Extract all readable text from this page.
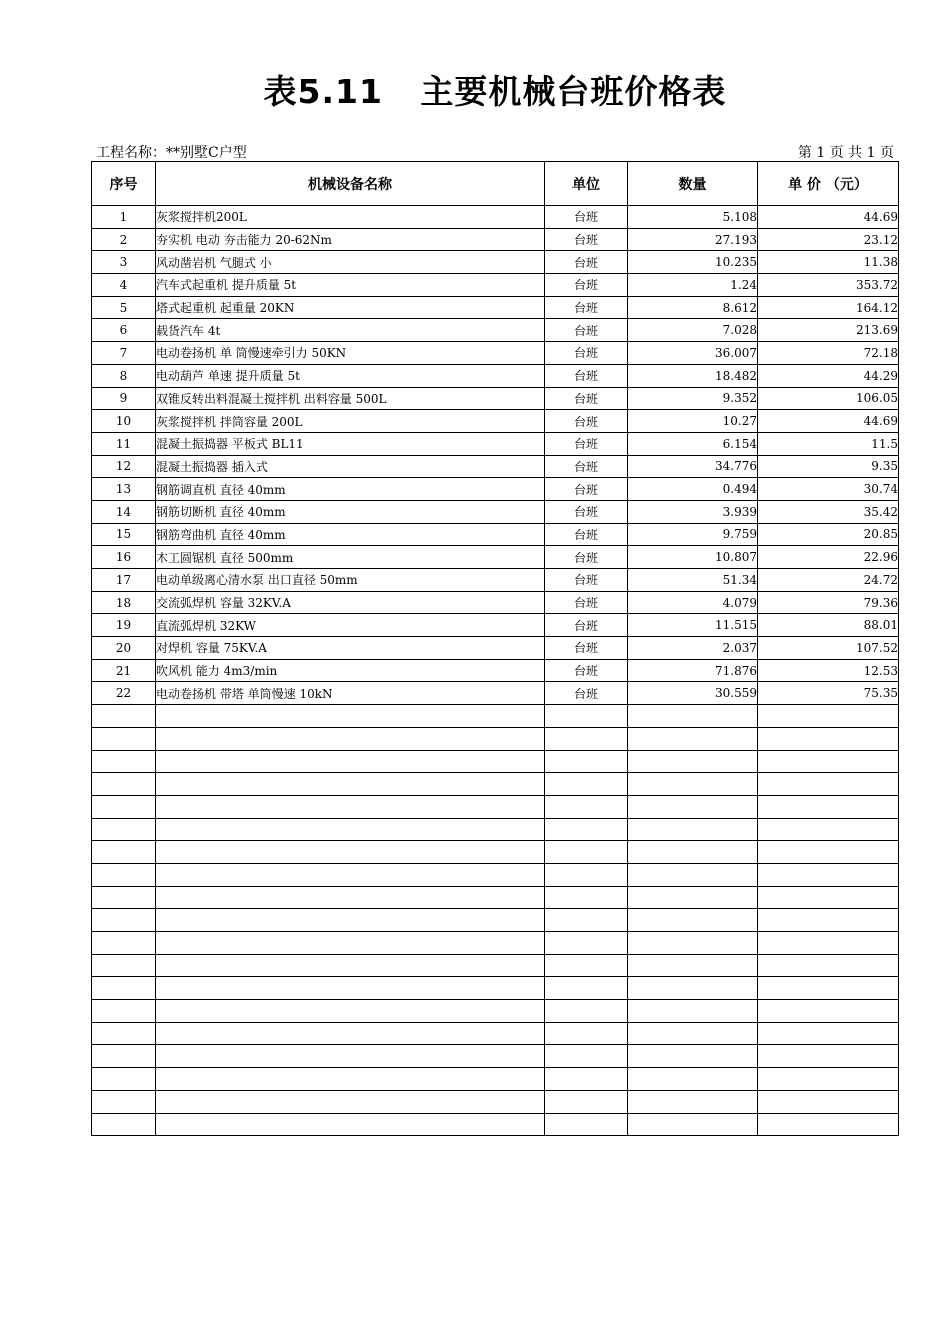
表5.11   主要机械台班价格表
工程名称：**别墅C户型	第 1 页 共 1 页
序号	机械设备名称	单位	数量	单 价 （元）
1	灰浆搅拌机200L	台班	5.108	44.69
2	夯实机 电动 夯击能力 20-62Nm	台班	27.193	23.12
3	风动凿岩机 气腿式 小	台班	10.235	11.38
4	汽车式起重机 提升质量 5t	台班	1.24	353.72
5	塔式起重机 起重量 20KN	台班	8.612	164.12
6	载货汽车 4t	台班	7.028	213.69
7	电动卷扬机 单 筒慢速牵引力 50KN	台班	36.007	72.18
8	电动葫芦 单速 提升质量 5t	台班	18.482	44.29
9	双锥反转出料混凝土搅拌机 出料容量 500L	台班	9.352	106.05
10	灰浆搅拌机 拌筒容量 200L	台班	10.27	44.69
11	混凝土振捣器 平板式 BL11	台班	6.154	11.5
12	混凝土振捣器 插入式	台班	34.776	9.35
13	钢筋调直机 直径 40mm	台班	0.494	30.74
14	钢筋切断机 直径 40mm	台班	3.939	35.42
15	钢筋弯曲机 直径 40mm	台班	9.759	20.85
16	木工圆锯机 直径 500mm	台班	10.807	22.96
17	电动单级离心清水泵 出口直径 50mm	台班	51.34	24.72
18	交流弧焊机 容量 32KV.A	台班	4.079	79.36
19	直流弧焊机 32KW	台班	11.515	88.01
20	对焊机 容量 75KV.A	台班	2.037	107.52
21	吹风机 能力 4m3/min	台班	71.876	12.53
22	电动卷扬机 带塔 单筒慢速 10kN	台班	30.559	75.35
